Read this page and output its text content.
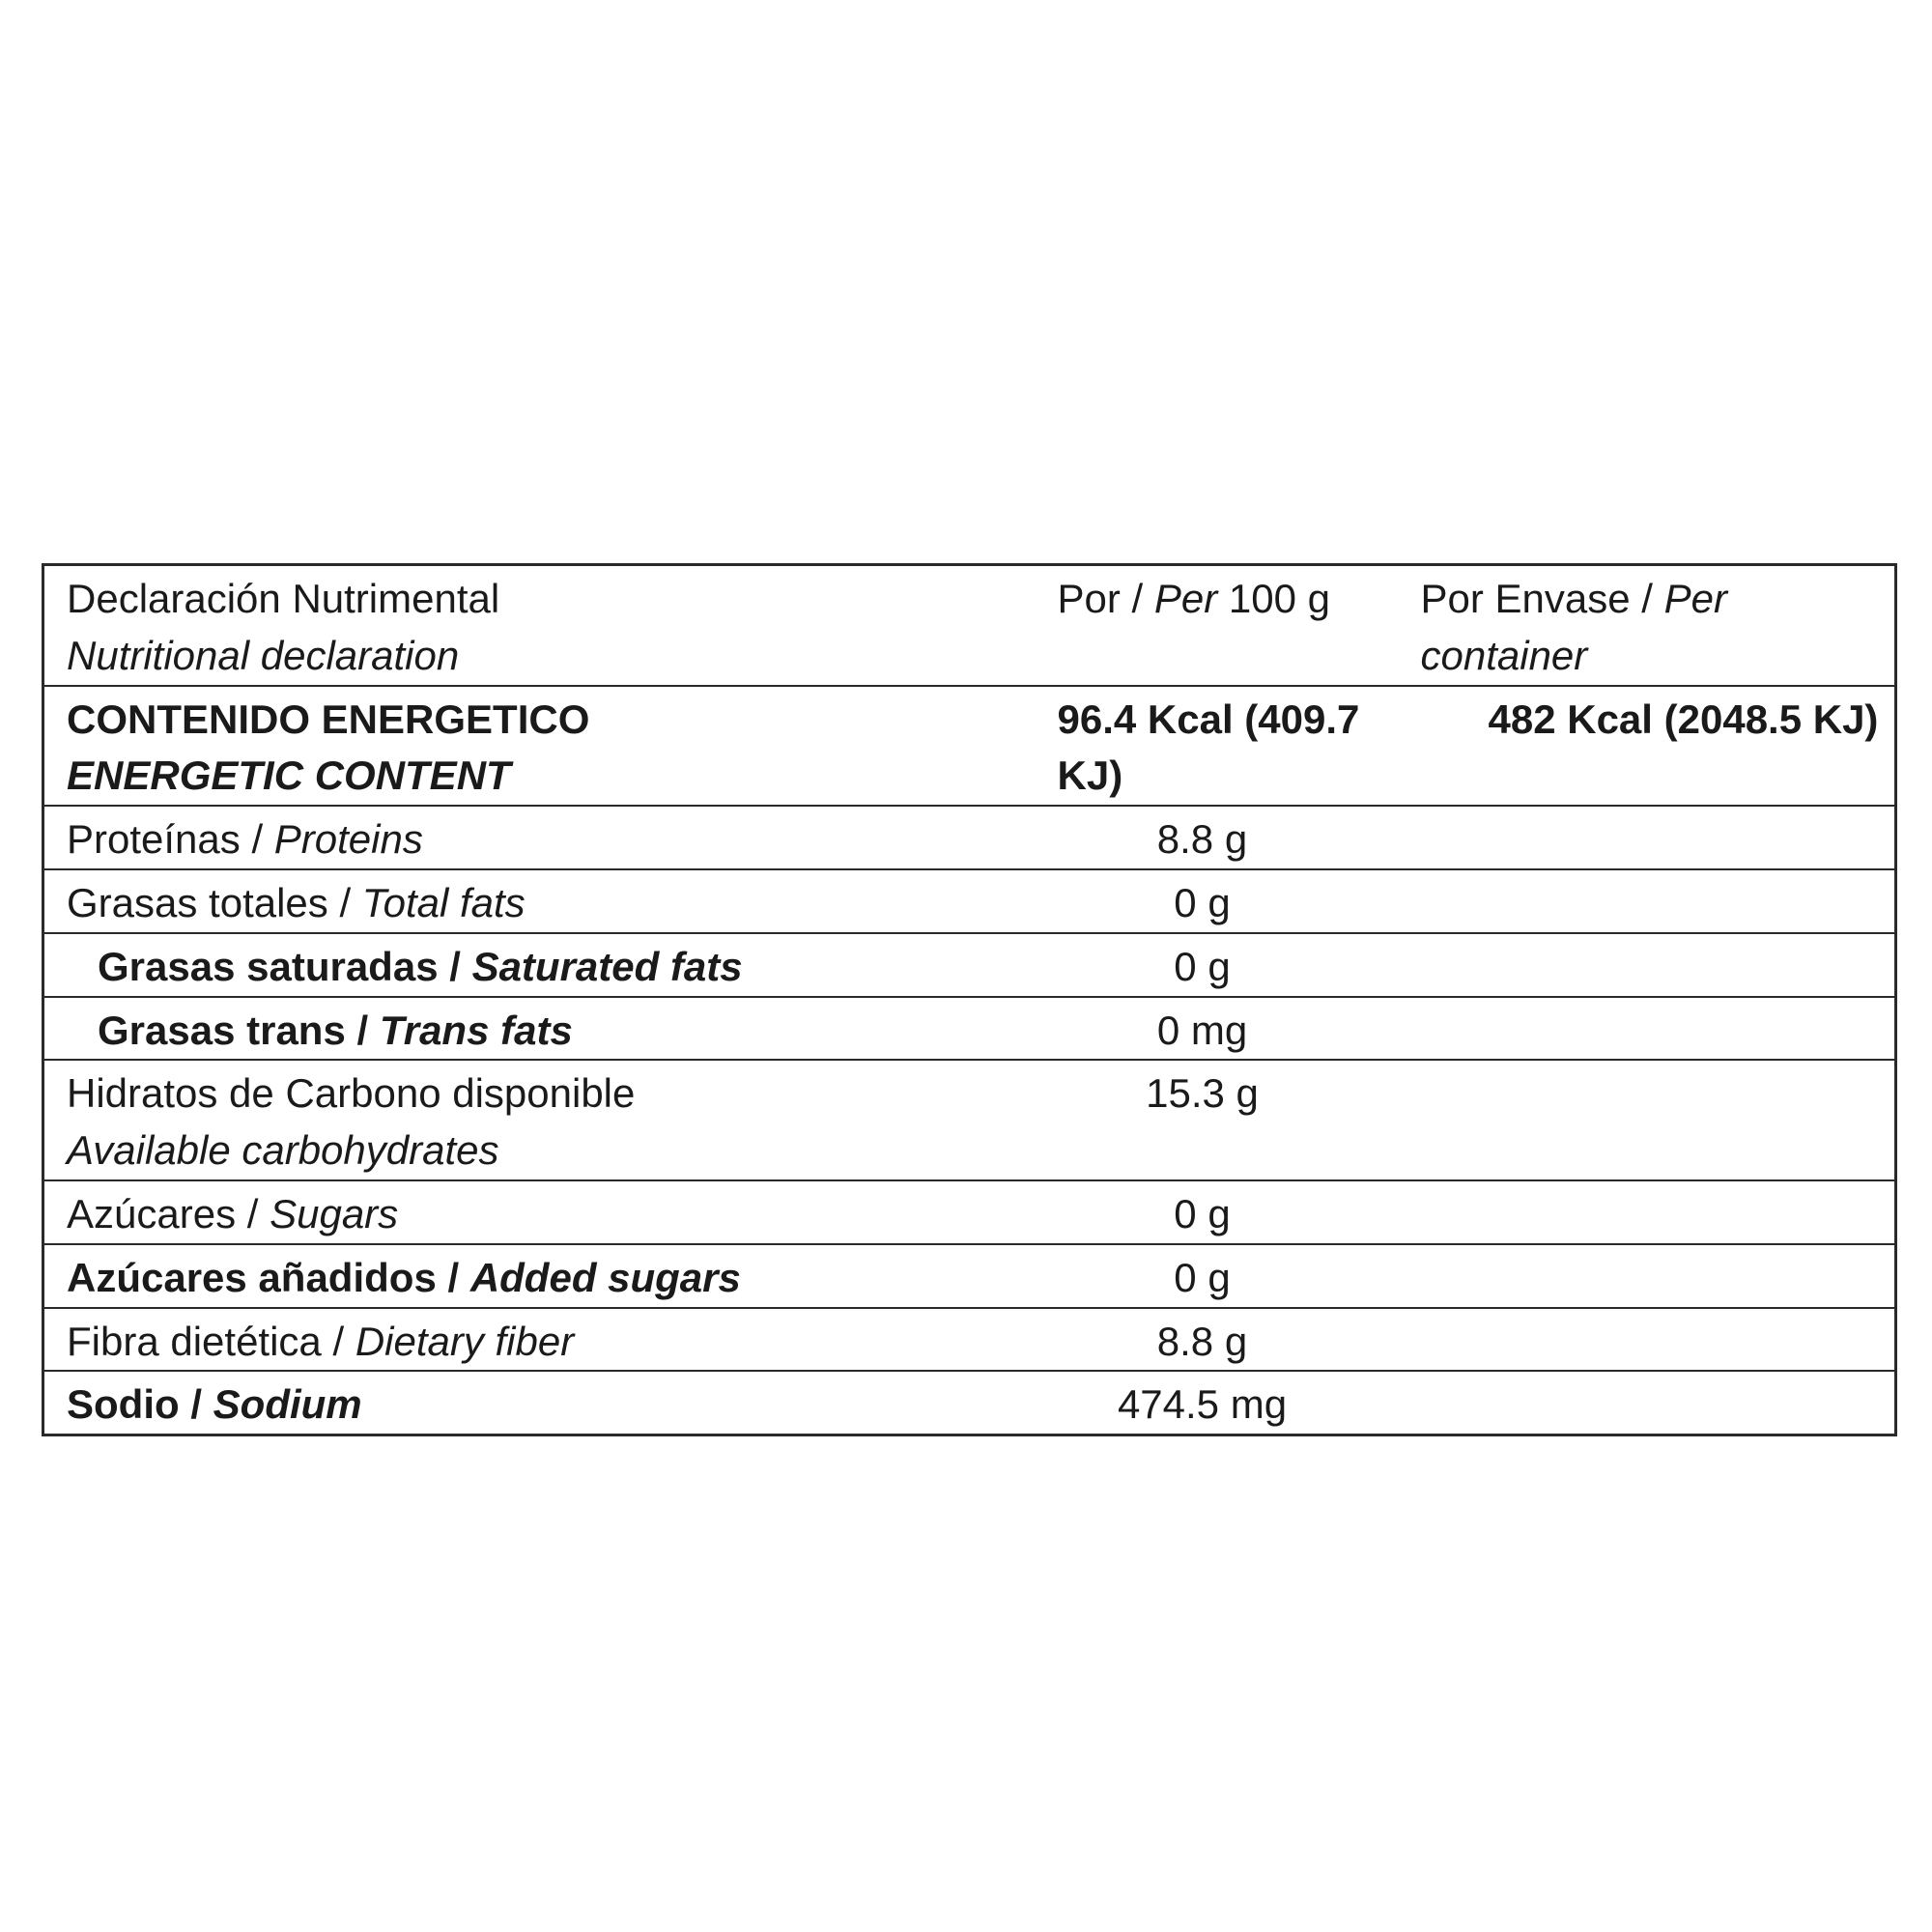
Declaración Nutrimental
Nutritional declaration	Por / Per 100 g	Por Envase / Per container

CONTENIDO ENERGETICO
ENERGETIC CONTENT	96.4 Kcal (409.7 KJ)	482 Kcal (2048.5 KJ)

Proteínas / Proteins	8.8 g	

Grasas totales / Total fats	0 g	

Grasas saturadas / Saturated fats	0 g	

Grasas trans / Trans fats	0 mg	

Hidratos de Carbono disponible
Available carbohydrates	15.3 g	

Azúcares / Sugars	0 g	

Azúcares añadidos / Added sugars	0 g	

Fibra dietética / Dietary fiber	8.8 g	

Sodio / Sodium	474.5 mg	
